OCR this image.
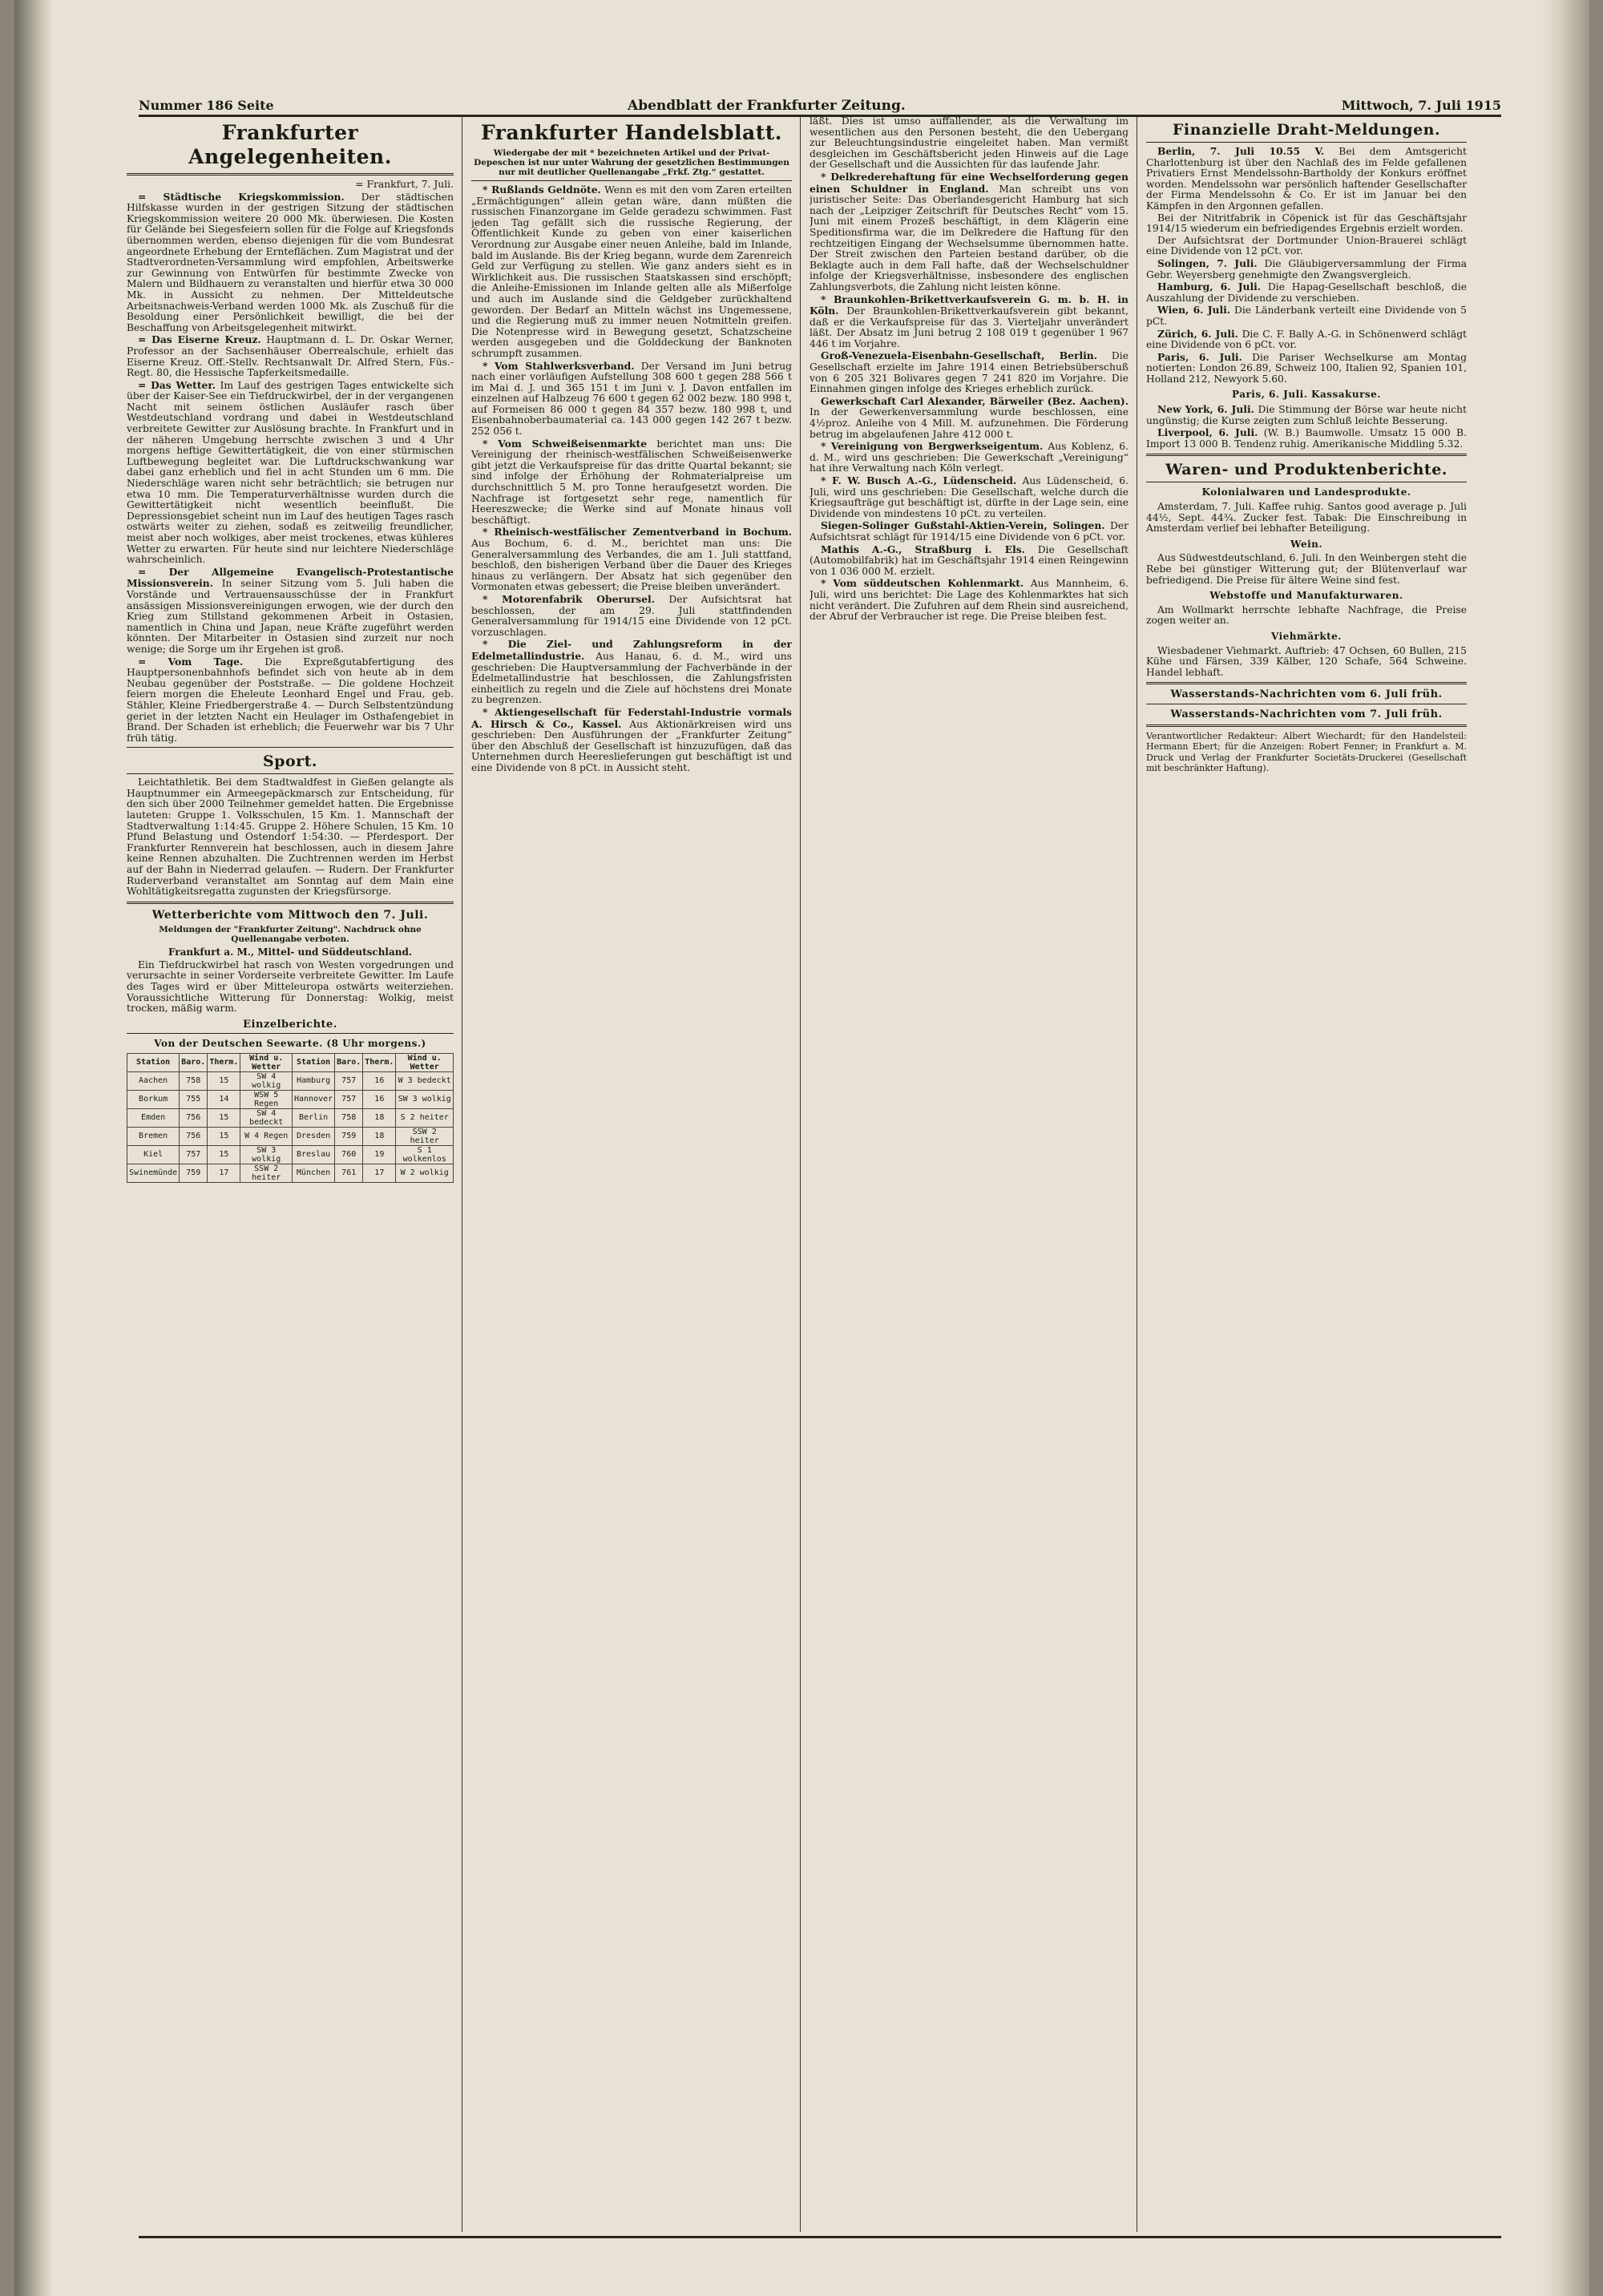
Nummer 186 Seite	Abendblatt der Frankfurter Zeitung.	Mittwoch, 7. Juli 1915
Frankfurter Angelegenheiten.

= Frankfurt, 7. Juli.

= Städtische Kriegskommission. Der städtischen Hilfskasse wurden in der gestrigen Sitzung der städtischen Kriegskommission weitere 20 000 Mk. überwiesen. Die Kosten für Gelände bei Siegesfeiern sollen für die Folge auf Kriegsfonds übernommen werden, ebenso diejenigen für die vom Bundesrat angeordnete Erhebung der Ernteflächen. Zum Magistrat und der Stadtverordneten-Versammlung wird empfohlen, Arbeitswerke zur Gewinnung von Entwürfen für bestimmte Zwecke von Malern und Bildhauern zu veranstalten und hierfür etwa 30 000 Mk. in Aussicht zu nehmen. Der Mitteldeutsche Arbeitsnachweis-Verband werden 1000 Mk. als Zuschuß für die Besoldung einer Persönlichkeit bewilligt, die bei der Beschaffung von Arbeitsgelegenheit mitwirkt.

= Das Eiserne Kreuz. Hauptmann d. L. Dr. Oskar Werner, Professor an der Sachsenhäuser Oberrealschule, erhielt das Eiserne Kreuz. Off.-Stellv. Rechtsanwalt Dr. Alfred Stern, Füs.-Regt. 80, die Hessische Tapferkeitsmedaille.

= Das Wetter. Im Lauf des gestrigen Tages entwickelte sich über der Kaiser-See ein Tiefdruckwirbel, der in der vergangenen Nacht mit seinem östlichen Ausläufer rasch über Westdeutschland vordrang und dabei in Westdeutschland verbreitete Gewitter zur Auslösung brachte. In Frankfurt und in der näheren Umgebung herrschte zwischen 3 und 4 Uhr morgens heftige Gewittertätigkeit, die von einer stürmischen Luftbewegung begleitet war. Die Luftdruckschwankung war dabei ganz erheblich und fiel in acht Stunden um 6 mm. Die Niederschläge waren nicht sehr beträchtlich; sie betrugen nur etwa 10 mm. Die Temperaturverhältnisse wurden durch die Gewittertätigkeit nicht wesentlich beeinflußt. Die Depressionsgebiet scheint nun im Lauf des heutigen Tages rasch ostwärts weiter zu ziehen, sodaß es zeitweilig freundlicher, meist aber noch wolkiges, aber meist trockenes, etwas kühleres Wetter zu erwarten. Für heute sind nur leichtere Niederschläge wahrscheinlich.

= Der Allgemeine Evangelisch-Protestantische Missionsverein. In seiner Sitzung vom 5. Juli haben die Vorstände und Vertrauensausschüsse der in Frankfurt ansässigen Missionsvereinigungen erwogen, wie der durch den Krieg zum Stillstand gekommenen Arbeit in Ostasien, namentlich in China und Japan, neue Kräfte zugeführt werden könnten. Der Mitarbeiter in Ostasien sind zurzeit nur noch wenige; die Sorge um ihr Ergehen ist groß.

= Vom Tage. Die Expreßgutabfertigung des Hauptpersonenbahnhofs befindet sich von heute ab in dem Neubau gegenüber der Poststraße. — Die goldene Hochzeit feiern morgen die Eheleute Leonhard Engel und Frau, geb. Stähler, Kleine Friedbergerstraße 4. — Durch Selbstentzündung geriet in der letzten Nacht ein Heulager im Osthafengebiet in Brand. Der Schaden ist erheblich; die Feuerwehr war bis 7 Uhr früh tätig.

Sport.

Leichtathletik. Bei dem Stadtwaldfest in Gießen gelangte als Hauptnummer ein Armeegepäckmarsch zur Entscheidung, für den sich über 2000 Teilnehmer gemeldet hatten. Die Ergebnisse lauteten: Gruppe 1. Volksschulen, 15 Km. 1. Mannschaft der Stadtverwaltung 1:14:45. Gruppe 2. Höhere Schulen, 15 Km. 10 Pfund Belastung und Ostendorf 1:54:30. — Pferdesport. Der Frankfurter Rennverein hat beschlossen, auch in diesem Jahre keine Rennen abzuhalten. Die Zuchtrennen werden im Herbst auf der Bahn in Niederrad gelaufen. — Rudern. Der Frankfurter Ruderverband veranstaltet am Sonntag auf dem Main eine Wohltätigkeitsregatta zugunsten der Kriegsfürsorge.

Wetterberichte vom Mittwoch den 7. Juli.
Meldungen der "Frankfurter Zeitung". Nachdruck ohne Quellenangabe verboten.
Frankfurt a. M., Mittel- und Süddeutschland.

Ein Tiefdruckwirbel hat rasch von Westen vorgedrungen und verursachte in seiner Vorderseite verbreitete Gewitter. Im Laufe des Tages wird er über Mitteleuropa ostwärts weiterziehen. Voraussichtliche Witterung für Donnerstag: Wolkig, meist trocken, mäßig warm.

Einzelberichte.
Von der Deutschen Seewarte. (8 Uhr morgens.)
Station	Baro.	Therm.	Wind u. Wetter	Station	Baro.	Therm.	Wind u. Wetter
Aachen	758	15	SW 4 wolkig	Hamburg	757	16	W 3 bedeckt
Borkum	755	14	WSW 5 Regen	Hannover	757	16	SW 3 wolkig
Emden	756	15	SW 4 bedeckt	Berlin	758	18	S 2 heiter
Bremen	756	15	W 4 Regen	Dresden	759	18	SSW 2 heiter
Kiel	757	15	SW 3 wolkig	Breslau	760	19	S 1 wolkenlos
Swinemünde	759	17	SSW 2 heiter	München	761	17	W 2 wolkig
Frankfurter Handelsblatt.
Wiedergabe der mit * bezeichneten Artikel und der Privat-Depeschen ist nur unter Wahrung der gesetzlichen Bestimmungen nur mit deutlicher Quellenangabe „Frkf. Ztg.“ gestattet.

* Rußlands Geldnöte. Wenn es mit den vom Zaren erteilten „Ermächtigungen“ allein getan wäre, dann müßten die russischen Finanzorgane im Gelde geradezu schwimmen. Fast jeden Tag gefällt sich die russische Regierung, der Öffentlichkeit Kunde zu geben von einer kaiserlichen Verordnung zur Ausgabe einer neuen Anleihe, bald im Inlande, bald im Auslande. Bis der Krieg begann, wurde dem Zarenreich Geld zur Verfügung zu stellen. Wie ganz anders sieht es in Wirklichkeit aus. Die russischen Staatskassen sind erschöpft; die Anleihe-Emissionen im Inlande gelten alle als Mißerfolge und auch im Auslande sind die Geldgeber zurückhaltend geworden. Der Bedarf an Mitteln wächst ins Ungemessene, und die Regierung muß zu immer neuen Notmitteln greifen. Die Notenpresse wird in Bewegung gesetzt, Schatzscheine werden ausgegeben und die Golddeckung der Banknoten schrumpft zusammen.

* Vom Stahlwerksverband. Der Versand im Juni betrug nach einer vorläufigen Aufstellung 308 600 t gegen 288 566 t im Mai d. J. und 365 151 t im Juni v. J. Davon entfallen im einzelnen auf Halbzeug 76 600 t gegen 62 002 bezw. 180 998 t, auf Formeisen 86 000 t gegen 84 357 bezw. 180 998 t, und Eisenbahnoberbaumaterial ca. 143 000 gegen 142 267 t bezw. 252 056 t.

* Vom Schweißeisenmarkte berichtet man uns: Die Vereinigung der rheinisch-westfälischen Schweißeisenwerke gibt jetzt die Verkaufspreise für das dritte Quartal bekannt; sie sind infolge der Erhöhung der Rohmaterialpreise um durchschnittlich 5 M. pro Tonne heraufgesetzt worden. Die Nachfrage ist fortgesetzt sehr rege, namentlich für Heereszwecke; die Werke sind auf Monate hinaus voll beschäftigt.

* Rheinisch-westfälischer Zementverband in Bochum. Aus Bochum, 6. d. M., berichtet man uns: Die Generalversammlung des Verbandes, die am 1. Juli stattfand, beschloß, den bisherigen Verband über die Dauer des Krieges hinaus zu verlängern. Der Absatz hat sich gegenüber den Vormonaten etwas gebessert; die Preise bleiben unverändert.

* Motorenfabrik Oberursel. Der Aufsichtsrat hat beschlossen, der am 29. Juli stattfindenden Generalversammlung für 1914/15 eine Dividende von 12 pCt. vorzuschlagen.

* Die Ziel- und Zahlungsreform in der Edelmetallindustrie. Aus Hanau, 6. d. M., wird uns geschrieben: Die Hauptversammlung der Fachverbände in der Edelmetallindustrie hat beschlossen, die Zahlungsfristen einheitlich zu regeln und die Ziele auf höchstens drei Monate zu begrenzen.

* Aktiengesellschaft für Federstahl-Industrie vormals A. Hirsch & Co., Kassel. Aus Aktionärkreisen wird uns geschrieben: Den Ausführungen der „Frankfurter Zeitung“ über den Abschluß der Gesellschaft ist hinzuzufügen, daß das Unternehmen durch Heereslieferungen gut beschäftigt ist und eine Dividende von 8 pCt. in Aussicht steht.

läßt. Dies ist umso auffallender, als die Verwaltung im wesentlichen aus den Personen besteht, die den Uebergang zur Beleuchtungsindustrie eingeleitet haben. Man vermißt desgleichen im Geschäftsbericht jeden Hinweis auf die Lage der Gesellschaft und die Aussichten für das laufende Jahr.

* Delkrederehaftung für eine Wechselforderung gegen einen Schuldner in England. Man schreibt uns von juristischer Seite: Das Oberlandesgericht Hamburg hat sich nach der „Leipziger Zeitschrift für Deutsches Recht“ vom 15. Juni mit einem Prozeß beschäftigt, in dem Klägerin eine Speditionsfirma war, die im Delkredere die Haftung für den rechtzeitigen Eingang der Wechselsumme übernommen hatte. Der Streit zwischen den Parteien bestand darüber, ob die Beklagte auch in dem Fall hafte, daß der Wechselschuldner infolge der Kriegsverhältnisse, insbesondere des englischen Zahlungsverbots, die Zahlung nicht leisten könne.

* Braunkohlen-Brikettverkaufsverein G. m. b. H. in Köln. Der Braunkohlen-Brikettverkaufsverein gibt bekannt, daß er die Verkaufspreise für das 3. Vierteljahr unverändert läßt. Der Absatz im Juni betrug 2 108 019 t gegenüber 1 967 446 t im Vorjahre.

Groß-Venezuela-Eisenbahn-Gesellschaft, Berlin. Die Gesellschaft erzielte im Jahre 1914 einen Betriebsüberschuß von 6 205 321 Bolivares gegen 7 241 820 im Vorjahre. Die Einnahmen gingen infolge des Krieges erheblich zurück.

Gewerkschaft Carl Alexander, Bärweiler (Bez. Aachen). In der Gewerkenversammlung wurde beschlossen, eine 4½proz. Anleihe von 4 Mill. M. aufzunehmen. Die Förderung betrug im abgelaufenen Jahre 412 000 t.

* Vereinigung von Bergwerkseigentum. Aus Koblenz, 6. d. M., wird uns geschrieben: Die Gewerkschaft „Vereinigung“ hat ihre Verwaltung nach Köln verlegt.

* F. W. Busch A.-G., Lüdenscheid. Aus Lüdenscheid, 6. Juli, wird uns geschrieben: Die Gesellschaft, welche durch die Kriegsaufträge gut beschäftigt ist, dürfte in der Lage sein, eine Dividende von mindestens 10 pCt. zu verteilen.

Siegen-Solinger Gußstahl-Aktien-Verein, Solingen. Der Aufsichtsrat schlägt für 1914/15 eine Dividende von 6 pCt. vor.

Mathis A.-G., Straßburg i. Els. Die Gesellschaft (Automobilfabrik) hat im Geschäftsjahr 1914 einen Reingewinn von 1 036 000 M. erzielt.

* Vom süddeutschen Kohlenmarkt. Aus Mannheim, 6. Juli, wird uns berichtet: Die Lage des Kohlenmarktes hat sich nicht verändert. Die Zufuhren auf dem Rhein sind ausreichend, der Abruf der Verbraucher ist rege. Die Preise bleiben fest.

Finanzielle Draht-Meldungen.

Berlin, 7. Juli 10.55 V. Bei dem Amtsgericht Charlottenburg ist über den Nachlaß des im Felde gefallenen Privatiers Ernst Mendelssohn-Bartholdy der Konkurs eröffnet worden. Mendelssohn war persönlich haftender Gesellschafter der Firma Mendelssohn & Co. Er ist im Januar bei den Kämpfen in den Argonnen gefallen.

Bei der Nitritfabrik in Cöpenick ist für das Geschäftsjahr 1914/15 wiederum ein befriedigendes Ergebnis erzielt worden.

Der Aufsichtsrat der Dortmunder Union-Brauerei schlägt eine Dividende von 12 pCt. vor.

Solingen, 7. Juli. Die Gläubigerversammlung der Firma Gebr. Weyersberg genehmigte den Zwangsvergleich.

Hamburg, 6. Juli. Die Hapag-Gesellschaft beschloß, die Auszahlung der Dividende zu verschieben.

Wien, 6. Juli. Die Länderbank verteilt eine Dividende von 5 pCt.

Zürich, 6. Juli. Die C. F. Bally A.-G. in Schönenwerd schlägt eine Dividende von 6 pCt. vor.

Paris, 6. Juli. Die Pariser Wechselkurse am Montag notierten: London 26.89, Schweiz 100, Italien 92, Spanien 101, Holland 212, Newyork 5.60.

Paris, 6. Juli. Kassakurse.

New York, 6. Juli. Die Stimmung der Börse war heute nicht ungünstig; die Kurse zeigten zum Schluß leichte Besserung.

Liverpool, 6. Juli. (W. B.) Baumwolle. Umsatz 15 000 B. Import 13 000 B. Tendenz ruhig. Amerikanische Middling 5.32.

Waren- und Produktenberichte.
Kolonialwaren und Landesprodukte.

Amsterdam, 7. Juli. Kaffee ruhig. Santos good average p. Juli 44½, Sept. 44¾. Zucker fest. Tabak: Die Einschreibung in Amsterdam verlief bei lebhafter Beteiligung.

Wein.

Aus Südwestdeutschland, 6. Juli. In den Weinbergen steht die Rebe bei günstiger Witterung gut; der Blütenverlauf war befriedigend. Die Preise für ältere Weine sind fest.

Webstoffe und Manufakturwaren.

Am Wollmarkt herrschte lebhafte Nachfrage, die Preise zogen weiter an.

Viehmärkte.

Wiesbadener Viehmarkt. Auftrieb: 47 Ochsen, 60 Bullen, 215 Kühe und Färsen, 339 Kälber, 120 Schafe, 564 Schweine. Handel lebhaft.

Wasserstands-Nachrichten vom 6. Juli früh.
Wasserstands-Nachrichten vom 7. Juli früh.

Verantwortlicher Redakteur: Albert Wiechardt; für den Handelsteil: Hermann Ebert; für die Anzeigen: Robert Fenner; in Frankfurt a. M. Druck und Verlag der Frankfurter Societäts-Druckerei (Gesellschaft mit beschränkter Haftung).
